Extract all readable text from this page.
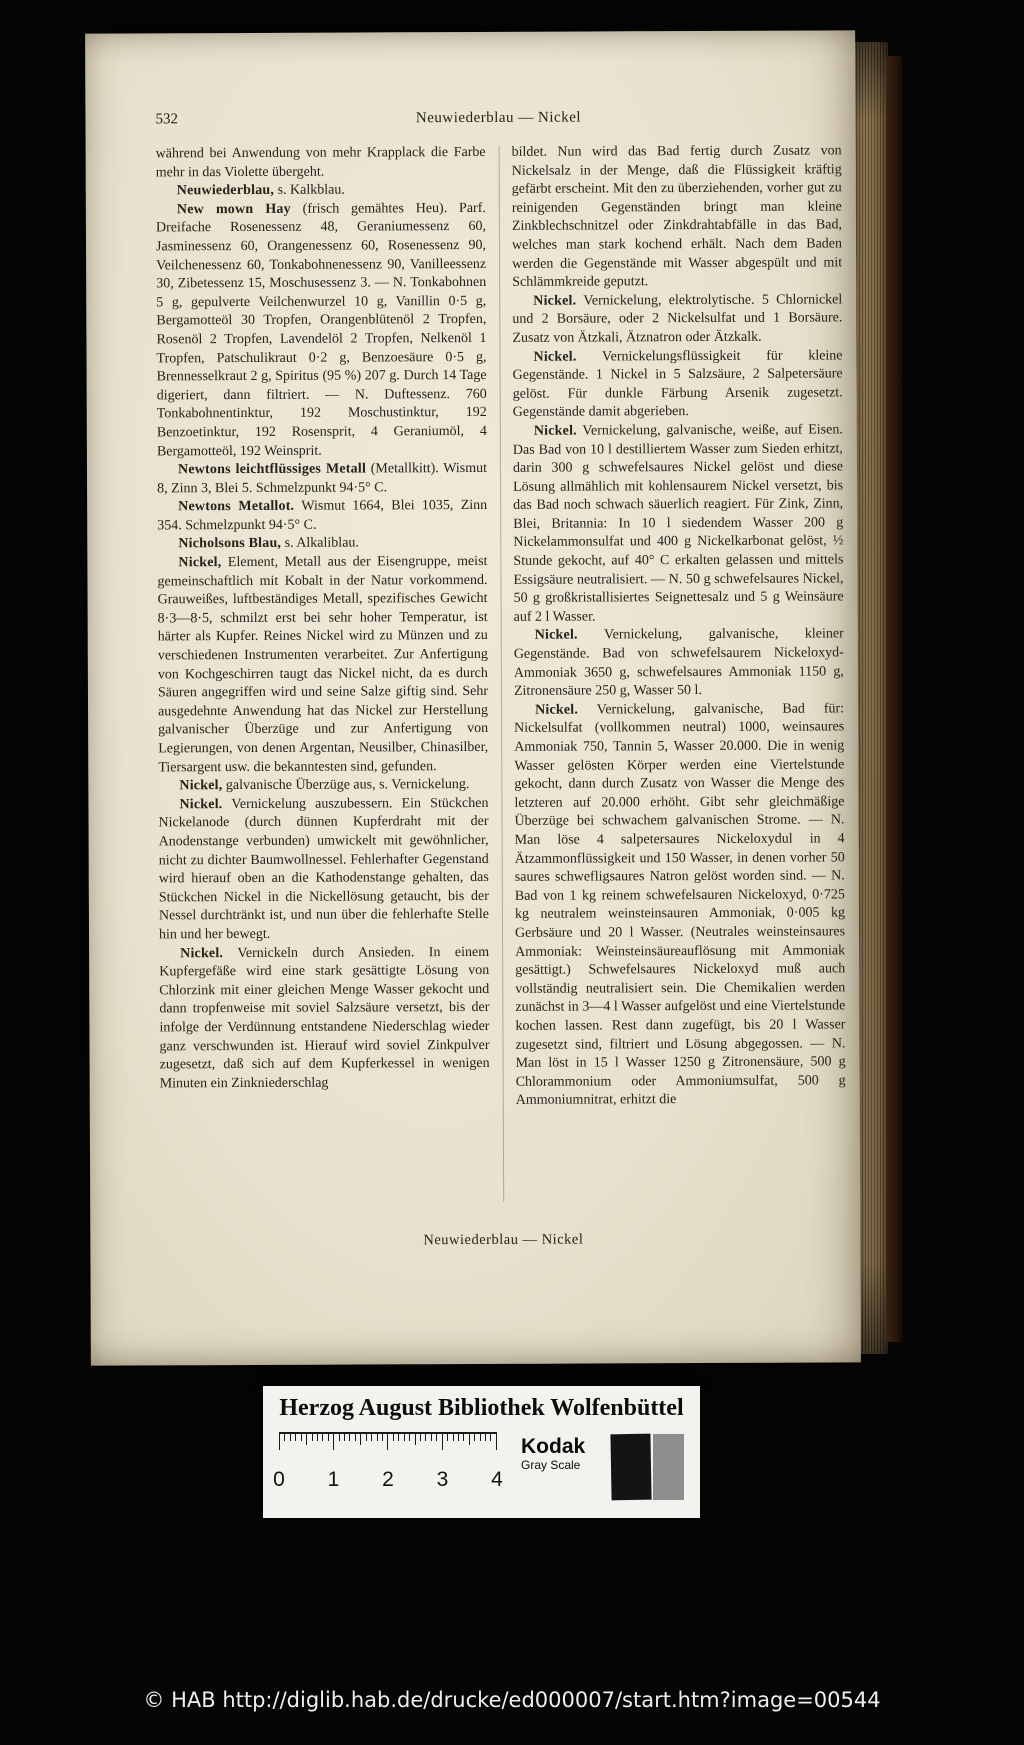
532	Neuwiederblau — Nickel

während bei Anwendung von mehr Krapplack die Farbe mehr in das Violette übergeht.

Neuwiederblau, s. Kalkblau.

New mown Hay (frisch gemähtes Heu). Parf. Dreifache Rosenessenz 48, Geraniumessenz 60, Jasminessenz 60, Orangenessenz 60, Rosenessenz 90, Veilchenessenz 60, Tonkabohnenessenz 90, Vanilleessenz 30, Zibetessenz 15, Moschusessenz 3. — N. Tonkabohnen 5 g, gepulverte Veilchenwurzel 10 g, Vanillin 0·5 g, Bergamotteöl 30 Tropfen, Orangenblütenöl 2 Tropfen, Rosenöl 2 Tropfen, Lavendelöl 2 Tropfen, Nelkenöl 1 Tropfen, Patschulikraut 0·2 g, Benzoesäure 0·5 g, Brennesselkraut 2 g, Spiritus (95 %) 207 g. Durch 14 Tage digeriert, dann filtriert. — N. Duftessenz. 760 Tonkabohnentinktur, 192 Moschustinktur, 192 Benzoetinktur, 192 Rosensprit, 4 Geraniumöl, 4 Bergamotteöl, 192 Weinsprit.

Newtons leichtflüssiges Metall (Metallkitt). Wismut 8, Zinn 3, Blei 5. Schmelzpunkt 94·5° C.

Newtons Metallot. Wismut 1664, Blei 1035, Zinn 354. Schmelzpunkt 94·5° C.

Nicholsons Blau, s. Alkaliblau.

Nickel, Element, Metall aus der Eisengruppe, meist gemeinschaftlich mit Kobalt in der Natur vorkommend. Grauweißes, luftbeständiges Metall, spezifisches Gewicht 8·3—8·5, schmilzt erst bei sehr hoher Temperatur, ist härter als Kupfer. Reines Nickel wird zu Münzen und zu verschiedenen Instrumenten verarbeitet. Zur Anfertigung von Kochgeschirren taugt das Nickel nicht, da es durch Säuren angegriffen wird und seine Salze giftig sind. Sehr ausgedehnte Anwendung hat das Nickel zur Herstellung galvanischer Überzüge und zur Anfertigung von Legierungen, von denen Argentan, Neusilber, Chinasilber, Tiersargent usw. die bekanntesten sind, gefunden.

Nickel, galvanische Überzüge aus, s. Vernickelung.

Nickel. Vernickelung auszubessern. Ein Stückchen Nickelanode (durch dünnen Kupferdraht mit der Anodenstange verbunden) umwickelt mit gewöhnlicher, nicht zu dichter Baumwollnessel. Fehlerhafter Gegenstand wird hierauf oben an die Kathodenstange gehalten, das Stückchen Nickel in die Nickellösung getaucht, bis der Nessel durchtränkt ist, und nun über die fehlerhafte Stelle hin und her bewegt.

Nickel. Vernickeln durch Ansieden. In einem Kupfergefäße wird eine stark gesättigte Lösung von Chlorzink mit einer gleichen Menge Wasser gekocht und dann tropfenweise mit soviel Salzsäure versetzt, bis der infolge der Verdünnung entstandene Niederschlag wieder ganz verschwunden ist. Hierauf wird soviel Zinkpulver zugesetzt, daß sich auf dem Kupferkessel in wenigen Minuten ein Zinkniederschlag

bildet. Nun wird das Bad fertig durch Zusatz von Nickelsalz in der Menge, daß die Flüssigkeit kräftig gefärbt erscheint. Mit den zu überziehenden, vorher gut zu reinigenden Gegenständen bringt man kleine Zinkblechschnitzel oder Zinkdrahtabfälle in das Bad, welches man stark kochend erhält. Nach dem Baden werden die Gegenstände mit Wasser abgespült und mit Schlämmkreide geputzt.

Nickel. Vernickelung, elektrolytische. 5 Chlornickel und 2 Borsäure, oder 2 Nickelsulfat und 1 Borsäure. Zusatz von Ätzkali, Ätznatron oder Ätzkalk.

Nickel. Vernickelungsflüssigkeit für kleine Gegenstände. 1 Nickel in 5 Salzsäure, 2 Salpetersäure gelöst. Für dunkle Färbung Arsenik zugesetzt. Gegenstände damit abgerieben.

Nickel. Vernickelung, galvanische, weiße, auf Eisen. Das Bad von 10 l destilliertem Wasser zum Sieden erhitzt, darin 300 g schwefelsaures Nickel gelöst und diese Lösung allmählich mit kohlensaurem Nickel versetzt, bis das Bad noch schwach säuerlich reagiert. Für Zink, Zinn, Blei, Britannia: In 10 l siedendem Wasser 200 g Nickelammonsulfat und 400 g Nickelkarbonat gelöst, ½ Stunde gekocht, auf 40° C erkalten gelassen und mittels Essigsäure neutralisiert. — N. 50 g schwefelsaures Nickel, 50 g großkristallisiertes Seignettesalz und 5 g Weinsäure auf 2 l Wasser.

Nickel. Vernickelung, galvanische, kleiner Gegenstände. Bad von schwefelsaurem Nickeloxyd-Ammoniak 3650 g, schwefelsaures Ammoniak 1150 g, Zitronensäure 250 g, Wasser 50 l.

Nickel. Vernickelung, galvanische, Bad für: Nickelsulfat (vollkommen neutral) 1000, weinsaures Ammoniak 750, Tannin 5, Wasser 20.000. Die in wenig Wasser gelösten Körper werden eine Viertelstunde gekocht, dann durch Zusatz von Wasser die Menge des letzteren auf 20.000 erhöht. Gibt sehr gleichmäßige Überzüge bei schwachem galvanischen Strome. — N. Man löse 4 salpetersaures Nickeloxydul in 4 Ätzammonflüssigkeit und 150 Wasser, in denen vorher 50 saures schwefligsaures Natron gelöst worden sind. — N. Bad von 1 kg reinem schwefelsauren Nickeloxyd, 0·725 kg neutralem weinsteinsauren Ammoniak, 0·005 kg Gerbsäure und 20 l Wasser. (Neutrales weinsteinsaures Ammoniak: Weinsteinsäureauflösung mit Ammoniak gesättigt.) Schwefelsaures Nickeloxyd muß auch vollständig neutralisiert sein. Die Chemikalien werden zunächst in 3—4 l Wasser aufgelöst und eine Viertelstunde kochen lassen. Rest dann zugefügt, bis 20 l Wasser zugesetzt sind, filtriert und Lösung abgegossen. — N. Man löst in 15 l Wasser 1250 g Zitronensäure, 500 g Chlorammonium oder Ammoniumsulfat, 500 g Ammoniumnitrat, erhitzt die

Neuwiederblau — Nickel
Herzog August Bibliothek Wolfenbüttel
0 1 2 3 4
Kodak
Gray Scale
© HAB http://diglib.hab.de/drucke/ed000007/start.htm?image=00544
